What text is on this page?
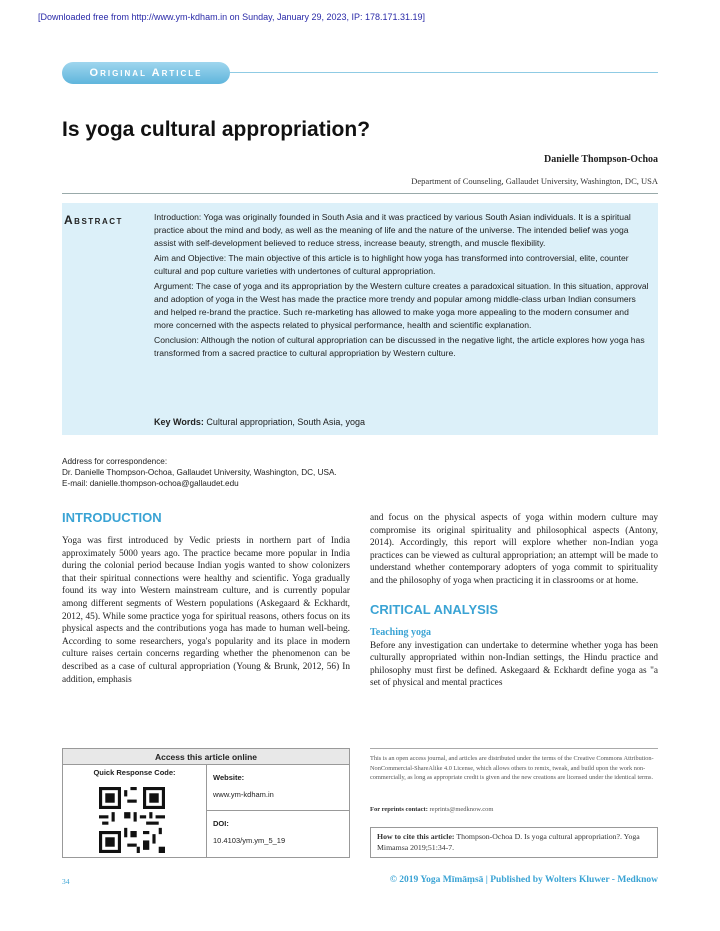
[Downloaded free from http://www.ym-kdham.in on Sunday, January 29, 2023, IP: 178.171.31.19]
Original Article
Is yoga cultural appropriation?
Danielle Thompson-Ochoa
Department of Counseling, Gallaudet University, Washington, DC, USA
Abstract	Introduction: Yoga was originally founded in South Asia and it was practiced by various South Asian individuals. It is a spiritual practice about the mind and body, as well as the meaning of life and the nature of the universe. The intended belief was yoga assist with self-development believed to reduce stress, increase beauty, strength, and muscle flexibility.

Aim and Objective: The main objective of this article is to highlight how yoga has transformed into controversial, elite, counter cultural and pop culture varieties with undertones of cultural appropriation.

Argument: The case of yoga and its appropriation by the Western culture creates a paradoxical situation. In this situation, approval and adoption of yoga in the West has made the practice more trendy and popular among middle-class urban Indian consumers and helped re-brand the practice. Such re-marketing has allowed to make yoga more appealing to the modern consumer and more concerned with the aspects related to physical performance, health and scientific explanation.

Conclusion: Although the notion of cultural appropriation can be discussed in the negative light, the article explores how yoga has transformed from a sacred practice to cultural appropriation by Western culture.

Key Words: Cultural appropriation, South Asia, yoga
Address for correspondence:
Dr. Danielle Thompson-Ochoa, Gallaudet University, Washington, DC, USA.
E-mail: danielle.thompson-ochoa@gallaudet.edu
INTRODUCTION

Yoga was first introduced by Vedic priests in northern part of India approximately 5000 years ago. The practice became more popular in India during the colonial period because Indian yogis wanted to show colonizers that their spiritual connections were healthy and scientific. Yoga gradually found its way into Western mainstream culture, and is currently popular among different segments of Western populations (Askegaard & Eckhardt, 2012, 45). While some practice yoga for spiritual reasons, others focus on its physical aspects and the contributions yoga has made to human well-being. According to some researchers, yoga's popularity and its place in modern culture raises certain concerns regarding whether the phenomenon can be described as a case of cultural appropriation (Young & Brunk, 2012, 56) In addition, emphasis

and focus on the physical aspects of yoga within modern culture may compromise its original spirituality and philosophical aspects (Antony, 2014). Accordingly, this report will explore whether non-Indian yoga practices can be viewed as cultural appropriation; an attempt will be made to understand whether contemporary adopters of yoga commit to spirituality and the philosophy of yoga when practicing it in classrooms or at home.

CRITICAL ANALYSIS
Teaching yoga

Before any investigation can undertake to determine whether yoga has been culturally appropriated within non-Indian settings, the Hindu practice and philosophy must first be defined. Askegaard & Eckhardt define yoga as "a set of physical and mental practices

Access this article online
Quick Response Code:
Website:
www.ym-kdham.in
DOI:
10.4103/ym.ym_5_19
This is an open access journal, and articles are distributed under the terms of the Creative Commons Attribution-NonCommercial-ShareAlike 4.0 License, which allows others to remix, tweak, and build upon the work non-commercially, as long as appropriate credit is given and the new creations are licensed under the identical terms.
For reprints contact: reprints@medknow.com
How to cite this article: Thompson-Ochoa D. Is yoga cultural appropriation?. Yoga Mimamsa 2019;51:34-7.
34	© 2019 Yoga Mīmāṃsā | Published by Wolters Kluwer - Medknow
